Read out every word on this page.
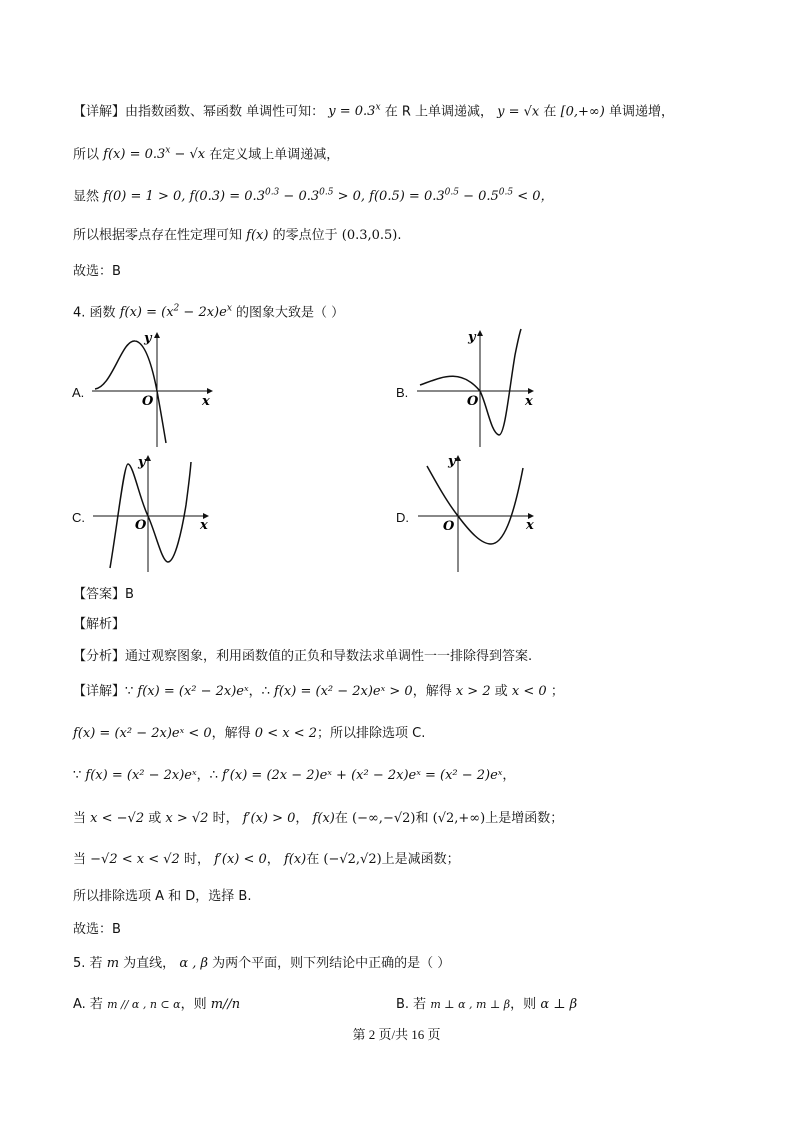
【详解】由指数函数、幂函数 单调性可知： $y = 0.3^x$ 在 R 上单调递减， y = √x 在 [0,+∞) 单调递增，
所以 $f(x) = 0.3^x - √x$ 在定义域上单调递减，
显然 f(0) = 1 > 0, $f(0.3) = 0.3^{0.3} - 0.3^{0.5} > 0$, $f(0.5) = 0.3^{0.5} - 0.5^{0.5} < 0$，
所以根据零点存在性定理可知 f(x) 的零点位于 (0.3,0.5).
故选：B
4. 函数 $f(x) = (x^2 - 2x)e^x$ 的图象大致是（ ）
A.	B.
C.	D.
x
y
O	x
y
O
x
y
O	x
y
O
【答案】B
【解析】
【分析】通过观察图象，利用函数值的正负和导数法求单调性一一排除得到答案.
【详解】∵ f(x) = (x² − 2x)eˣ，∴ f(x) = (x² − 2x)eˣ > 0，解得 x > 2 或 x < 0 ；
f(x) = (x² − 2x)eˣ < 0，解得 0 < x < 2；所以排除选项 C.
∵ f(x) = (x² − 2x)eˣ，∴ f′(x) = (2x − 2)eˣ + (x² − 2x)eˣ = (x² − 2)eˣ，
当 x < −√2 或 x > √2 时， f′(x) > 0， f(x)在 (−∞,−√2)和 (√2,+∞)上是增函数；
当 −√2 < x < √2 时， f′(x) < 0， f(x)在 (−√2,√2)上是减函数；
所以排除选项 A 和 D，选择 B.
故选：B
5. 若 m 为直线， α , β 为两个平面，则下列结论中正确的是（ ）
A. 若 m // α , n ⊂ α，则 m//n	B. 若 m ⊥ α , m ⊥ β，则 α ⊥ β
第 2 页/共 16 页
